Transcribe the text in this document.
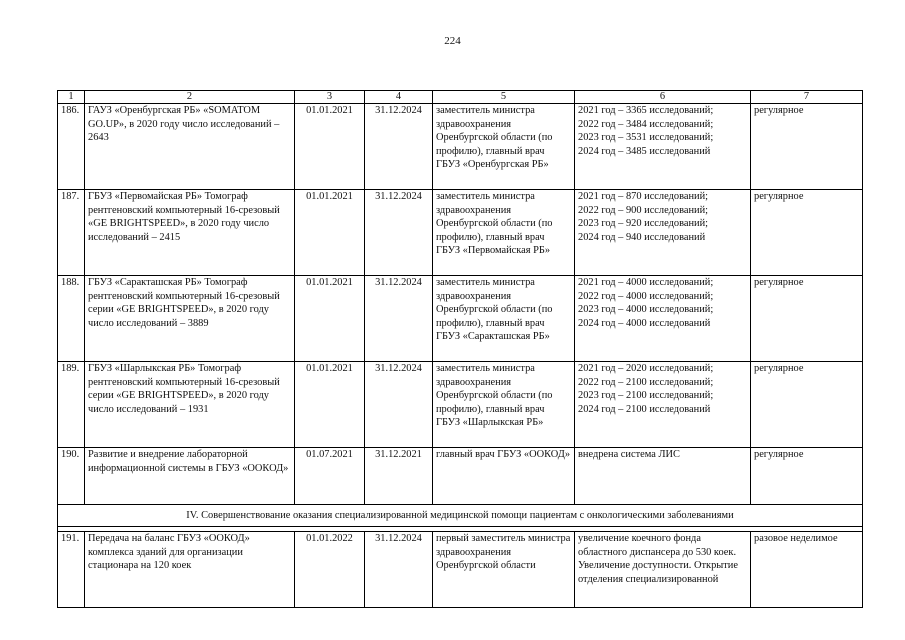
224
1	2	3	4	5	6	7
186.	ГАУЗ «Оренбургская РБ» «SOMATOM GO.UP», в 2020 году число исследований – 2643	01.01.2021	31.12.2024	заместитель министра здравоохранения Оренбургской области (по профилю), главный врач ГБУЗ «Оренбургская РБ»	2021 год – 3365 исследований;
2022 год – 3484 исследований;
2023 год – 3531 исследований;
2024 год – 3485 исследований	регулярное
187.	ГБУЗ «Первомайская РБ» Томограф рентгеновский компьютерный 16-срезовый «GE BRIGHTSPEED», в 2020 году число исследований – 2415	01.01.2021	31.12.2024	заместитель министра здравоохранения Оренбургской области (по профилю), главный врач ГБУЗ «Первомайская РБ»	2021 год – 870 исследований;
2022 год – 900 исследований;
2023 год – 920 исследований;
2024 год – 940 исследований	регулярное
188.	ГБУЗ «Саракташская РБ» Томограф рентгеновский компьютерный 16-срезовый серии «GE BRIGHTSPEED», в 2020 году число исследований – 3889	01.01.2021	31.12.2024	заместитель министра здравоохранения Оренбургской области (по профилю), главный врач ГБУЗ «Саракташская РБ»	2021 год – 4000 исследований;
2022 год – 4000 исследований;
2023 год – 4000 исследований;
2024 год – 4000 исследований	регулярное
189.	ГБУЗ «Шарлыкская РБ» Томограф рентгеновский компьютерный 16-срезовый серии «GE BRIGHTSPEED», в 2020 году число исследований – 1931	01.01.2021	31.12.2024	заместитель министра здравоохранения Оренбургской области (по профилю), главный врач ГБУЗ «Шарлыкская РБ»	2021 год – 2020 исследований;
2022 год – 2100 исследований;
2023 год – 2100 исследований;
2024 год – 2100 исследований	регулярное
190.	Развитие и внедрение лабораторной информационной системы в ГБУЗ «ООКОД»	01.07.2021	31.12.2021	главный врач ГБУЗ «ООКОД»	внедрена система ЛИС	регулярное
IV. Совершенствование оказания специализированной медицинской помощи пациентам с онкологическими заболеваниями						

191.	Передача на баланс ГБУЗ «ООКОД» комплекса зданий для организации стационара на 120 коек	01.01.2022	31.12.2024	первый заместитель министра здравоохранения Оренбургской области	увеличение коечного фонда областного диспансера до 530 коек. Увеличение доступности. Открытие отделения специализированной	разовое неделимое
